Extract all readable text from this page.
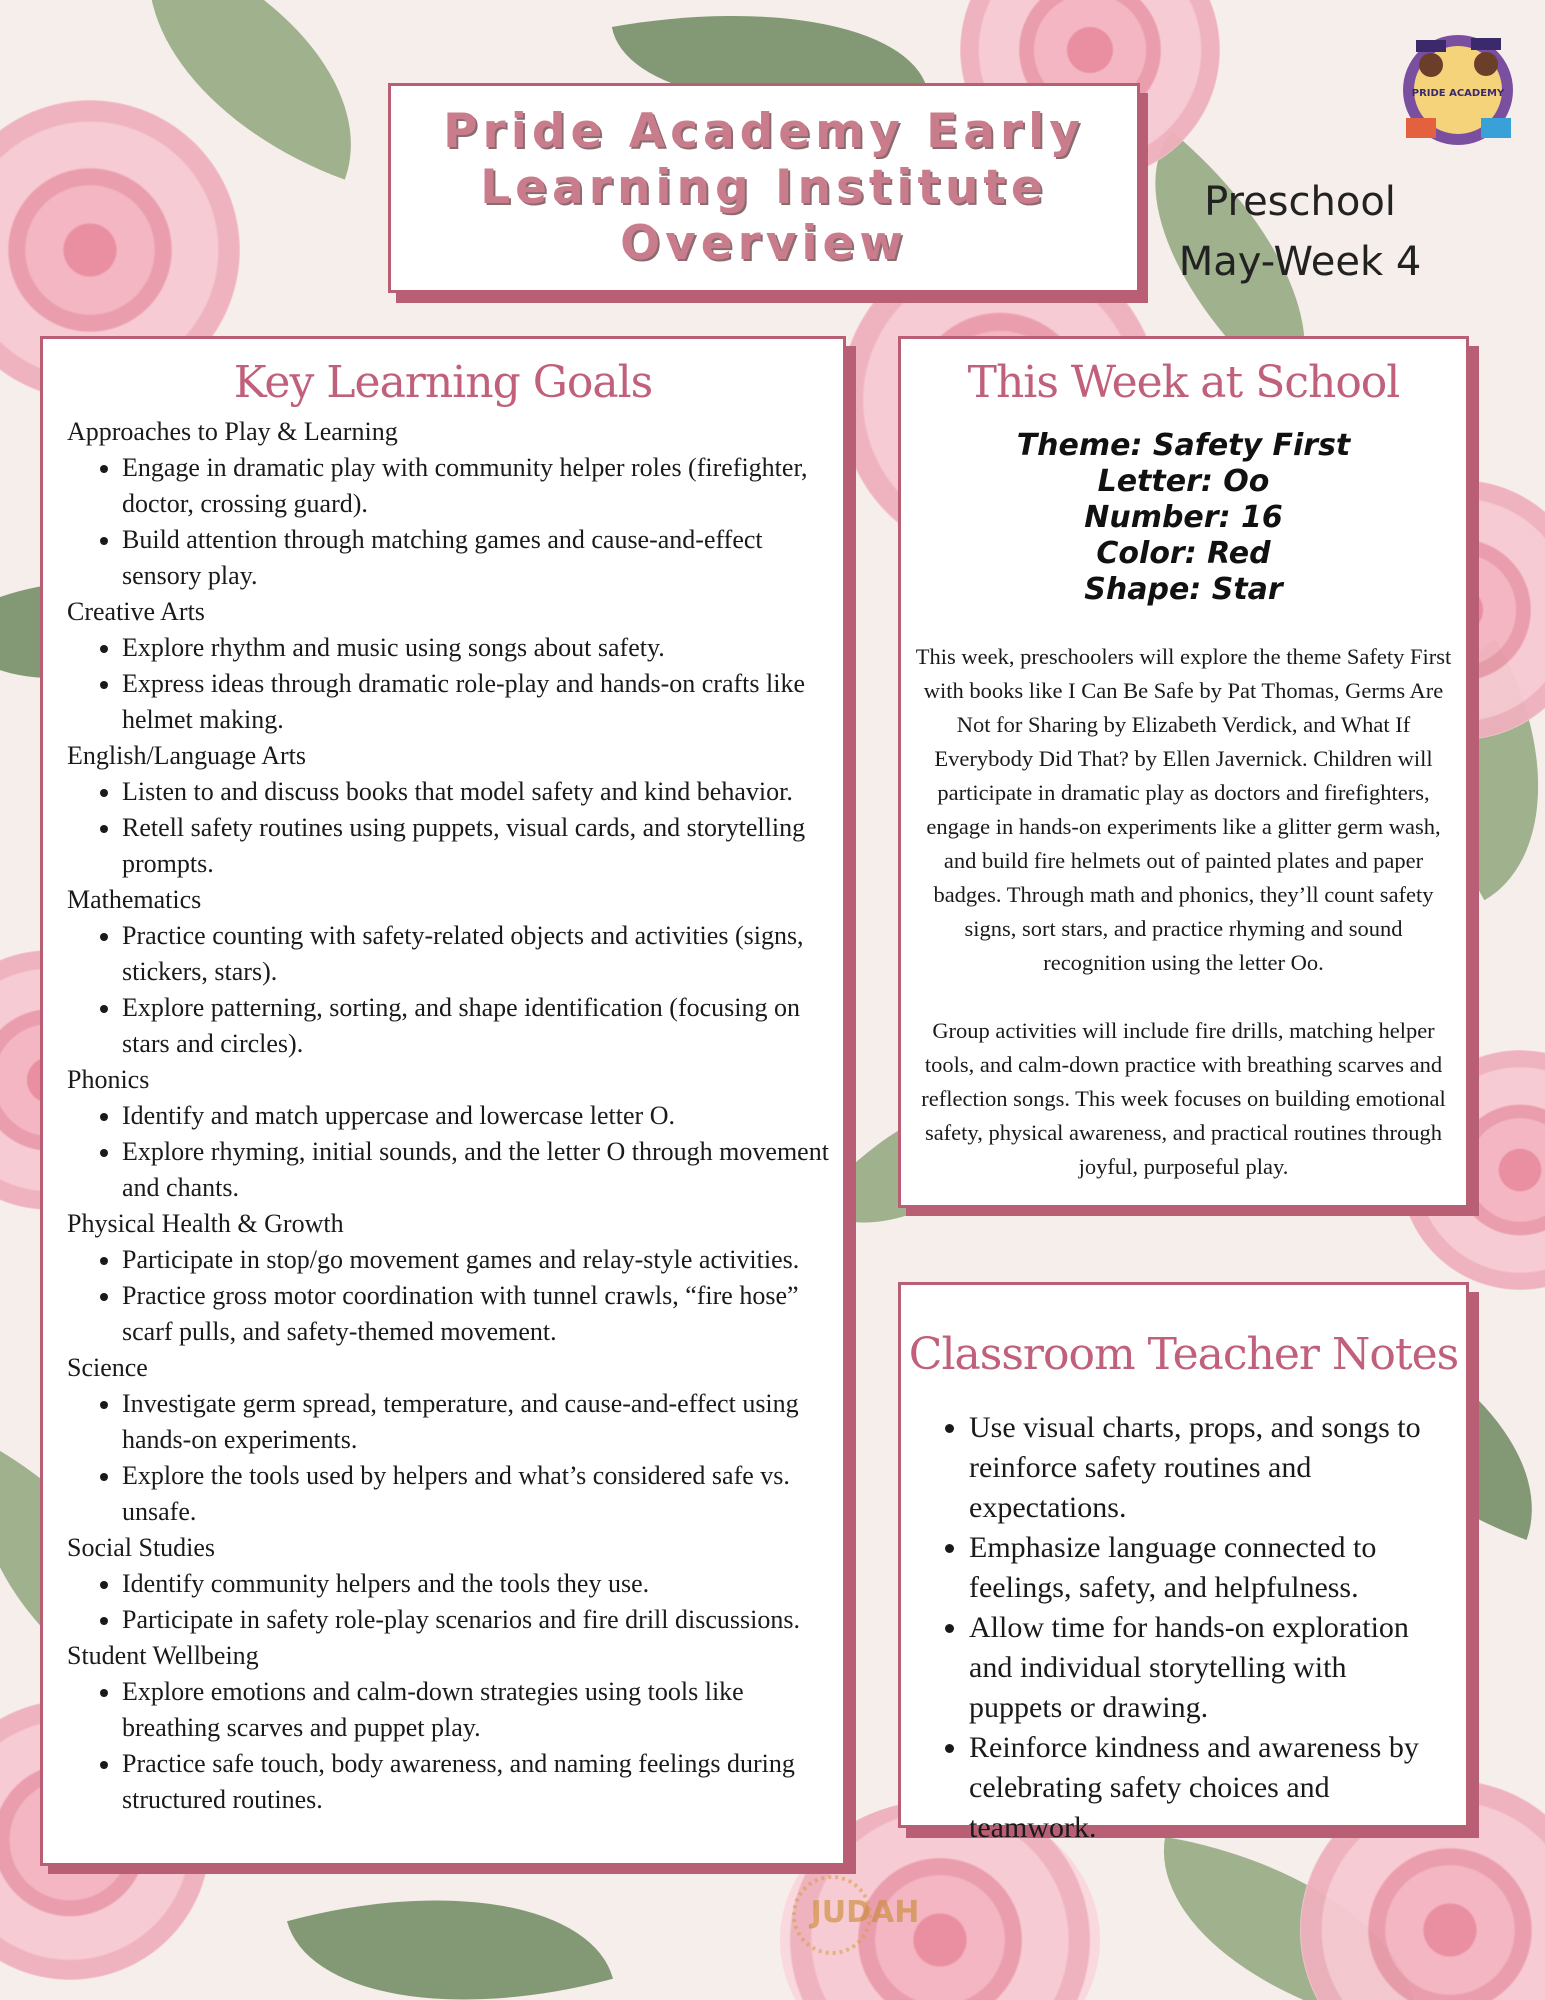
Pride Academy Early
Learning Institute
Overview
Preschool
May-Week 4
PRIDE ACADEMY
Key Learning Goals
Approaches to Play & Learning
• Engage in dramatic play with community helper roles (firefighter, doctor, crossing guard).
• Build attention through matching games and cause-and-effect sensory play.
Creative Arts
• Explore rhythm and music using songs about safety.
• Express ideas through dramatic role-play and hands-on crafts like helmet making.
English/Language Arts
• Listen to and discuss books that model safety and kind behavior.
• Retell safety routines using puppets, visual cards, and storytelling prompts.
Mathematics
• Practice counting with safety-related objects and activities (signs, stickers, stars).
• Explore patterning, sorting, and shape identification (focusing on stars and circles).
Phonics
• Identify and match uppercase and lowercase letter O.
• Explore rhyming, initial sounds, and the letter O through movement and chants.
Physical Health & Growth
• Participate in stop/go movement games and relay-style activities.
• Practice gross motor coordination with tunnel crawls, “fire hose” scarf pulls, and safety-themed movement.
Science
• Investigate germ spread, temperature, and cause-and-effect using hands-on experiments.
• Explore the tools used by helpers and what’s considered safe vs. unsafe.
Social Studies
• Identify community helpers and the tools they use.
• Participate in safety role-play scenarios and fire drill discussions.
Student Wellbeing
• Explore emotions and calm-down strategies using tools like breathing scarves and puppet play.
• Practice safe touch, body awareness, and naming feelings during structured routines.
This Week at School
Theme: Safety First
Letter: Oo
Number: 16
Color: Red
Shape: Star

This week, preschoolers will explore the theme Safety First with books like I Can Be Safe by Pat Thomas, Germs Are Not for Sharing by Elizabeth Verdick, and What If Everybody Did That? by Ellen Javernick. Children will participate in dramatic play as doctors and firefighters, engage in hands-on experiments like a glitter germ wash, and build fire helmets out of painted plates and paper badges. Through math and phonics, they’ll count safety signs, sort stars, and practice rhyming and sound recognition using the letter Oo.

Group activities will include fire drills, matching helper tools, and calm-down practice with breathing scarves and reflection songs. This week focuses on building emotional safety, physical awareness, and practical routines through joyful, purposeful play.

Classroom Teacher Notes
• Use visual charts, props, and songs to reinforce safety routines and expectations.
• Emphasize language connected to feelings, safety, and helpfulness.
• Allow time for hands-on exploration and individual storytelling with puppets or drawing.
• Reinforce kindness and awareness by celebrating safety choices and teamwork.
JUDAH
